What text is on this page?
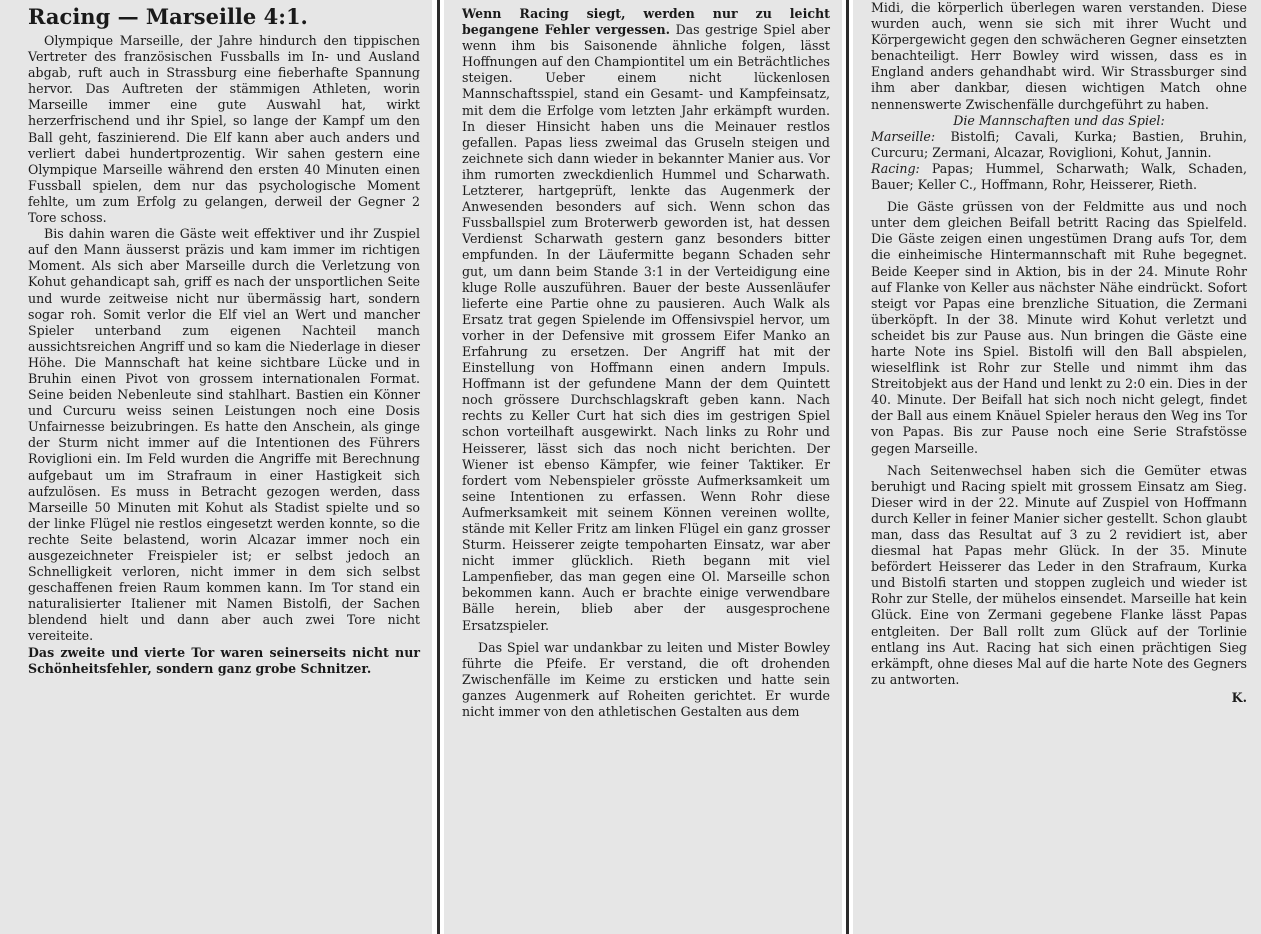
Racing — Marseille 4:1.

Olympique Marseille, der Jahre hindurch den tippischen Vertreter des französischen Fussballs im In- und Ausland abgab, ruft auch in Strassburg eine fieberhafte Spannung hervor. Das Auftreten der stämmigen Athleten, worin Marseille immer eine gute Auswahl hat, wirkt herzerfrischend und ihr Spiel, so lange der Kampf um den Ball geht, faszinierend. Die Elf kann aber auch anders und verliert dabei hundertprozentig. Wir sahen gestern eine Olympique Marseille während den ersten 40 Minuten einen Fussball spielen, dem nur das psychologische Moment fehlte, um zum Erfolg zu gelangen, derweil der Gegner 2 Tore schoss.

Bis dahin waren die Gäste weit effektiver und ihr Zuspiel auf den Mann äusserst präzis und kam immer im richtigen Moment. Als sich aber Marseille durch die Verletzung von Kohut gehandicapt sah, griff es nach der unsportlichen Seite und wurde zeitweise nicht nur übermässig hart, sondern sogar roh. Somit verlor die Elf viel an Wert und mancher Spieler unterband zum eigenen Nachteil manch aussichtsreichen Angriff und so kam die Niederlage in dieser Höhe. Die Mannschaft hat keine sichtbare Lücke und in Bruhin einen Pivot von grossem internationalen Format. Seine beiden Nebenleute sind stahlhart. Bastien ein Könner und Curcuru weiss seinen Leistungen noch eine Dosis Unfairnesse beizubringen. Es hatte den Anschein, als ginge der Sturm nicht immer auf die Intentionen des Führers Roviglioni ein. Im Feld wurden die Angriffe mit Berechnung aufgebaut um im Strafraum in einer Hastigkeit sich aufzulösen. Es muss in Betracht gezogen werden, dass Marseille 50 Minuten mit Kohut als Stadist spielte und so der linke Flügel nie restlos eingesetzt werden konnte, so die rechte Seite belastend, worin Alcazar immer noch ein ausgezeichneter Freispieler ist; er selbst jedoch an Schnelligkeit verloren, nicht immer in dem sich selbst geschaffenen freien Raum kommen kann. Im Tor stand ein naturalisierter Italiener mit Namen Bistolfi, der Sachen blendend hielt und dann aber auch zwei Tore nicht vereiteite.

Das zweite und vierte Tor waren seinerseits nicht nur Schönheitsfehler, sondern ganz grobe Schnitzer.

Wenn Racing siegt, werden nur zu leicht begangene Fehler vergessen.

Das gestrige Spiel aber wenn ihm bis Saisonende ähnliche folgen, lässt Hoffnungen auf den Championtitel um ein Beträchtliches steigen. Ueber einem nicht lückenlosen Mannschaftsspiel, stand ein Gesamt- und Kampfeinsatz, mit dem die Erfolge vom letzten Jahr erkämpft wurden. In dieser Hinsicht haben uns die Meinauer restlos gefallen. Papas liess zweimal das Gruseln steigen und zeichnete sich dann wieder in bekannter Manier aus. Vor ihm rumorten zweckdienlich Hummel und Scharwath. Letzterer, hartgeprüft, lenkte das Augenmerk der Anwesenden besonders auf sich. Wenn schon das Fussballspiel zum Broterwerb geworden ist, hat dessen Verdienst Scharwath gestern ganz besonders bitter empfunden. In der Läufermitte begann Schaden sehr gut, um dann beim Stande 3:1 in der Verteidigung eine kluge Rolle auszuführen. Bauer der beste Aussenläufer lieferte eine Partie ohne zu pausieren. Auch Walk als Ersatz trat gegen Spielende im Offensivspiel hervor, um vorher in der Defensive mit grossem Eifer Manko an Erfahrung zu ersetzen. Der Angriff hat mit der Einstellung von Hoffmann einen andern Impuls. Hoffmann ist der gefundene Mann der dem Quintett noch grössere Durchschlagskraft geben kann. Nach rechts zu Keller Curt hat sich dies im gestrigen Spiel schon vorteilhaft ausgewirkt. Nach links zu Rohr und Heisserer, lässt sich das noch nicht berichten. Der Wiener ist ebenso Kämpfer, wie feiner Taktiker. Er fordert vom Nebenspieler grösste Aufmerksamkeit um seine Intentionen zu erfassen. Wenn Rohr diese Aufmerksamkeit mit seinem Können vereinen wollte, stände mit Keller Fritz am linken Flügel ein ganz grosser Sturm. Heisserer zeigte tempoharten Einsatz, war aber nicht immer glücklich. Rieth begann mit viel Lampenfieber, das man gegen eine Ol. Marseille schon bekommen kann. Auch er brachte einige verwendbare Bälle herein, blieb aber der ausgesprochene Ersatzspieler.

Das Spiel war undankbar zu leiten und Mister Bowley führte die Pfeife. Er verstand, die oft drohenden Zwischenfälle im Keime zu ersticken und hatte sein ganzes Augenmerk auf Roheiten gerichtet. Er wurde nicht immer von den athletischen Gestalten aus dem

Midi, die körperlich überlegen waren verstanden. Diese wurden auch, wenn sie sich mit ihrer Wucht und Körpergewicht gegen den schwächeren Gegner einsetzten benachteiligt. Herr Bowley wird wissen, dass es in England anders gehandhabt wird. Wir Strassburger sind ihm aber dankbar, diesen wichtigen Match ohne nennenswerte Zwischenfälle durchgeführt zu haben.

Die Mannschaften und das Spiel:

Marseille: Bistolfi; Cavali, Kurka; Bastien, Bruhin, Curcuru; Zermani, Alcazar, Roviglioni, Kohut, Jannin.

Racing: Papas; Hummel, Scharwath; Walk, Schaden, Bauer; Keller C., Hoffmann, Rohr, Heisserer, Rieth.

Die Gäste grüssen von der Feldmitte aus und noch unter dem gleichen Beifall betritt Racing das Spielfeld. Die Gäste zeigen einen ungestümen Drang aufs Tor, dem die einheimische Hintermannschaft mit Ruhe begegnet. Beide Keeper sind in Aktion, bis in der 24. Minute Rohr auf Flanke von Keller aus nächster Nähe eindrückt. Sofort steigt vor Papas eine brenzliche Situation, die Zermani überköpft. In der 38. Minute wird Kohut verletzt und scheidet bis zur Pause aus. Nun bringen die Gäste eine harte Note ins Spiel. Bistolfi will den Ball abspielen, wieselflink ist Rohr zur Stelle und nimmt ihm das Streitobjekt aus der Hand und lenkt zu 2:0 ein. Dies in der 40. Minute. Der Beifall hat sich noch nicht gelegt, findet der Ball aus einem Knäuel Spieler heraus den Weg ins Tor von Papas. Bis zur Pause noch eine Serie Strafstösse gegen Marseille.

Nach Seitenwechsel haben sich die Gemüter etwas beruhigt und Racing spielt mit grossem Einsatz am Sieg. Dieser wird in der 22. Minute auf Zuspiel von Hoffmann durch Keller in feiner Manier sicher gestellt. Schon glaubt man, dass das Resultat auf 3 zu 2 revidiert ist, aber diesmal hat Papas mehr Glück. In der 35. Minute befördert Heisserer das Leder in den Strafraum, Kurka und Bistolfi starten und stoppen zugleich und wieder ist Rohr zur Stelle, der mühelos einsendet. Marseille hat kein Glück. Eine von Zermani gegebene Flanke lässt Papas entgleiten. Der Ball rollt zum Glück auf der Torlinie entlang ins Aut. Racing hat sich einen prächtigen Sieg erkämpft, ohne dieses Mal auf die harte Note des Gegners zu antworten.

K.
